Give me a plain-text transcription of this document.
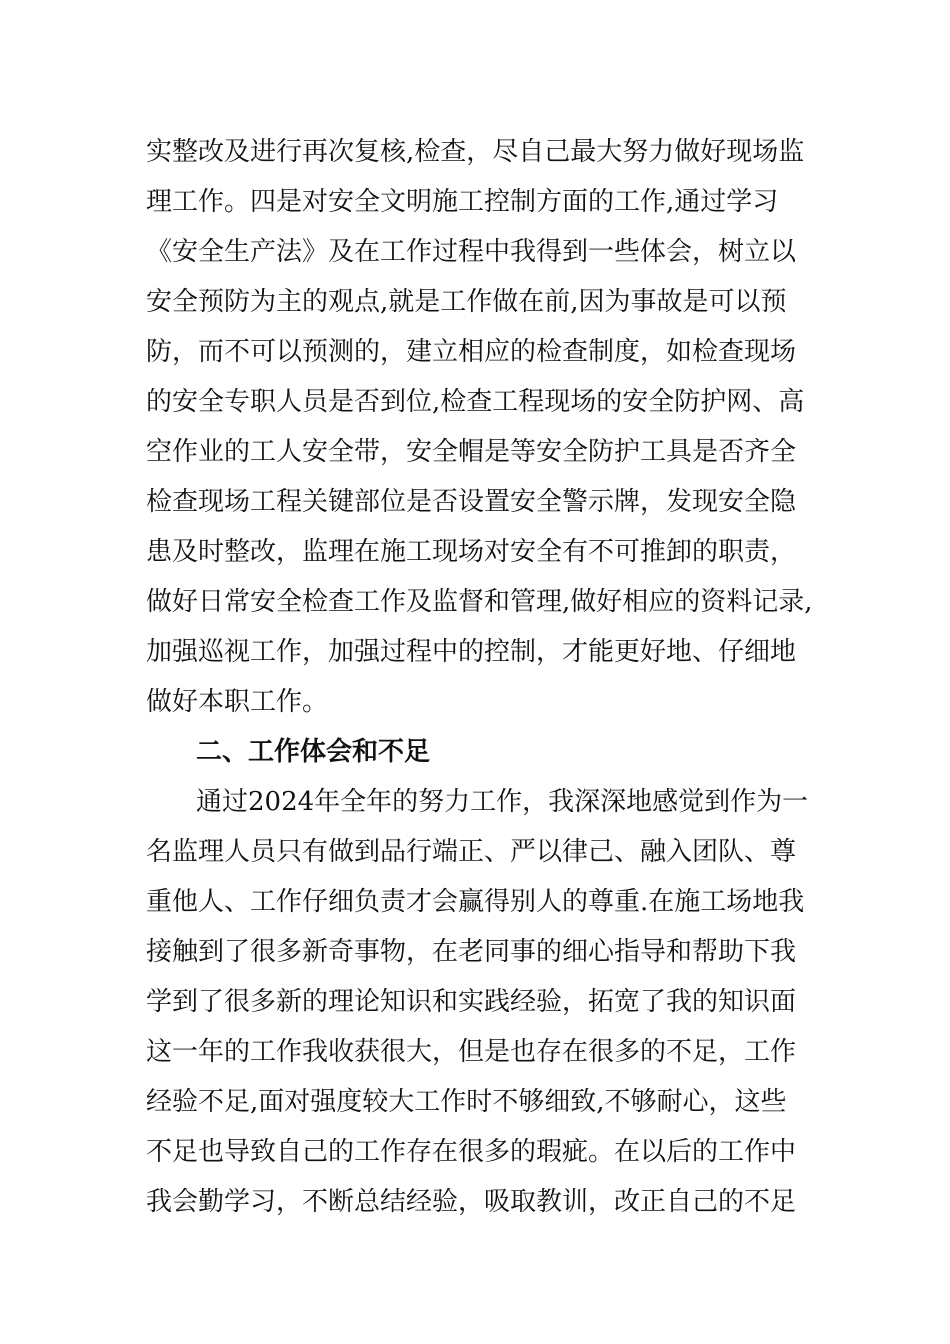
实整改及进行再次复核,检查，尽自己最大努力做好现场监
理工作。四是对安全文明施工控制方面的工作,通过学习
《安全生产法》及在工作过程中我得到一些体会，树立以
安全预防为主的观点,就是工作做在前,因为事故是可以预
防，而不可以预测的，建立相应的检查制度，如检查现场
的安全专职人员是否到位,检查工程现场的安全防护网、高
空作业的工人安全带，安全帽是等安全防护工具是否齐全
检查现场工程关键部位是否设置安全警示牌，发现安全隐
患及时整改，监理在施工现场对安全有不可推卸的职责，
做好日常安全检查工作及监督和管理,做好相应的资料记录,
加强巡视工作，加强过程中的控制，才能更好地、仔细地
做好本职工作。
二、工作体会和不足
通过2024年全年的努力工作，我深深地感觉到作为一
名监理人员只有做到品行端正、严以律己、融入团队、尊
重他人、工作仔细负责才会赢得别人的尊重.在施工场地我
接触到了很多新奇事物，在老同事的细心指导和帮助下我
学到了很多新的理论知识和实践经验，拓宽了我的知识面
这一年的工作我收获很大，但是也存在很多的不足，工作
经验不足,面对强度较大工作时不够细致,不够耐心，这些
不足也导致自己的工作存在很多的瑕疵。在以后的工作中
我会勤学习，不断总结经验，吸取教训，改正自己的不足
